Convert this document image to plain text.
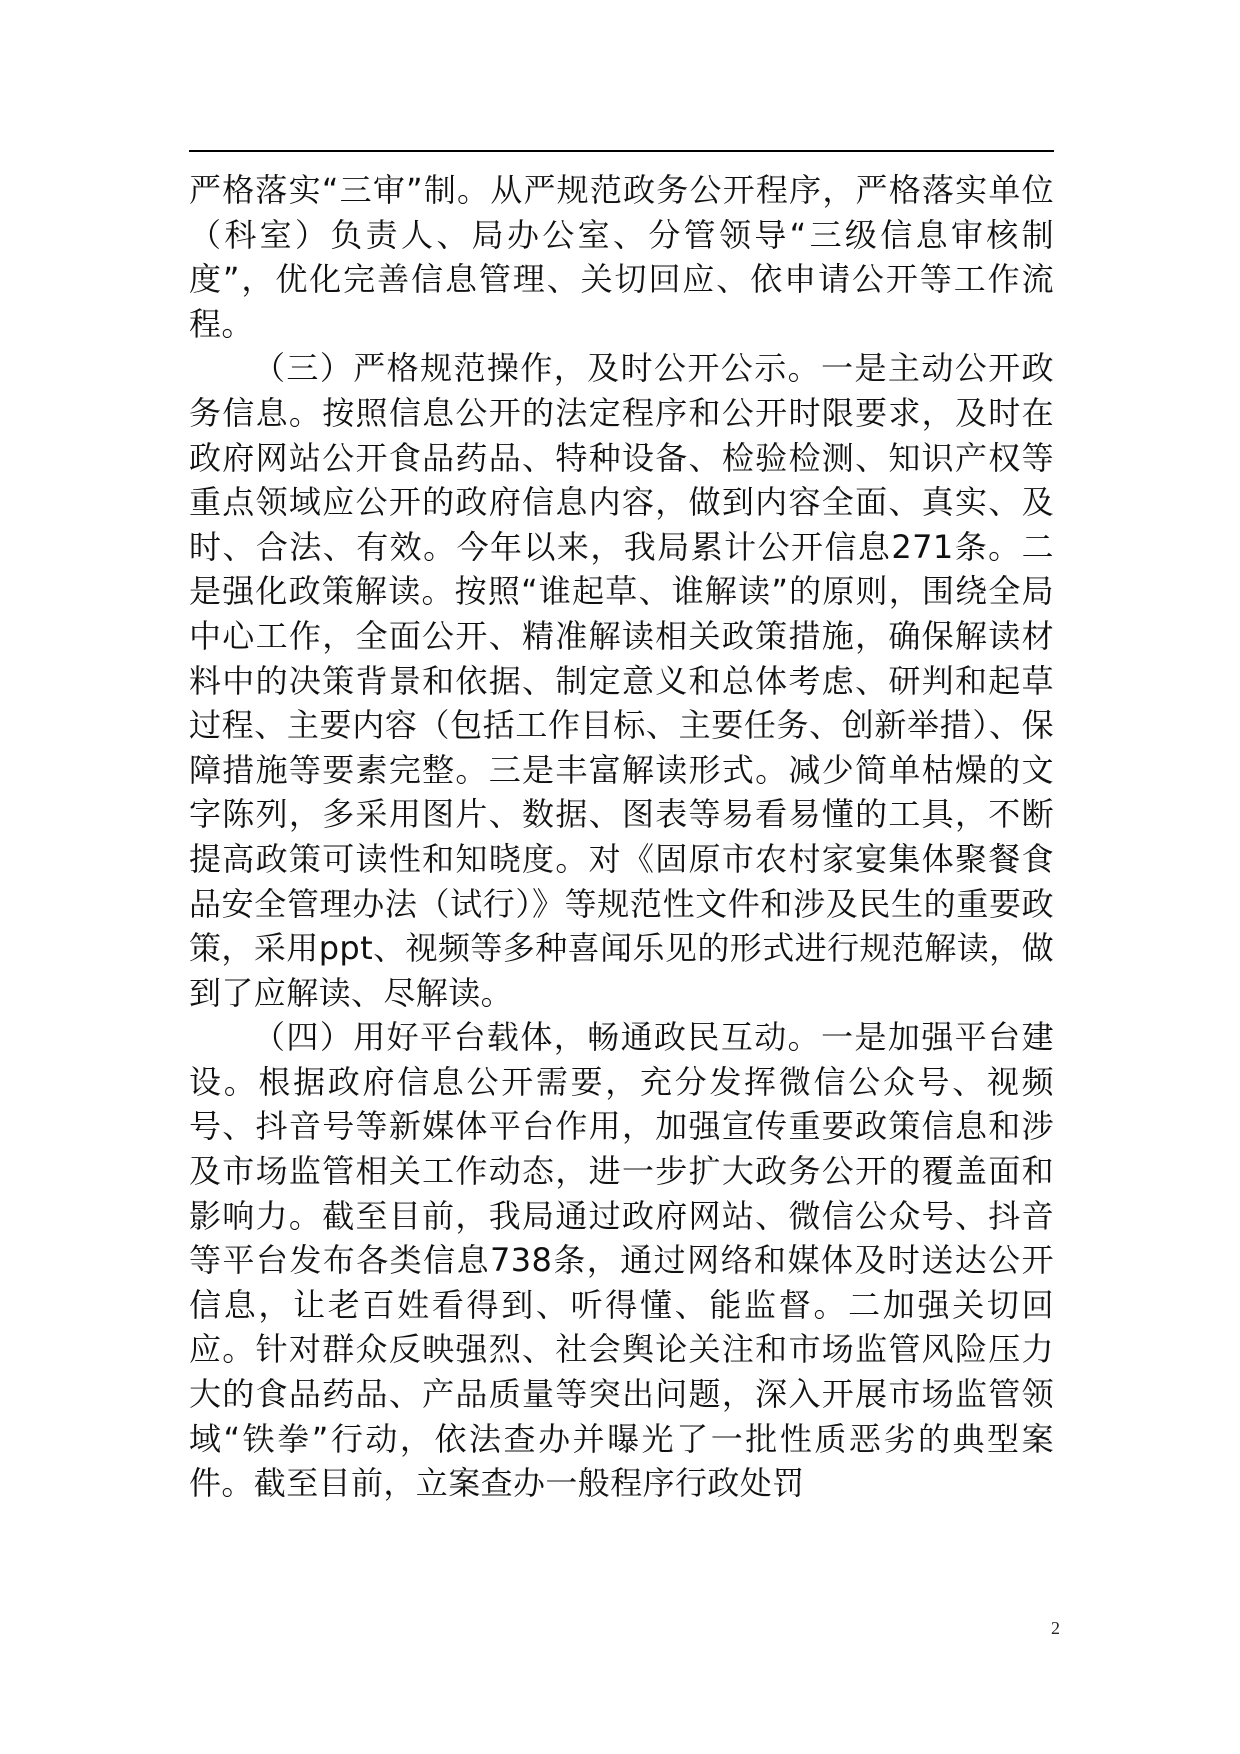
严格落实“三审”制。从严规范政务公开程序，严格落实单位（科室）负责人、局办公室、分管领导“三级信息审核制度”，优化完善信息管理、关切回应、依申请公开等工作流程。

（三）严格规范操作，及时公开公示。一是主动公开政务信息。按照信息公开的法定程序和公开时限要求，及时在政府网站公开食品药品、特种设备、检验检测、知识产权等重点领域应公开的政府信息内容，做到内容全面、真实、及时、合法、有效。今年以来，我局累计公开信息271条。二是强化政策解读。按照“谁起草、谁解读”的原则，围绕全局中心工作，全面公开、精准解读相关政策措施，确保解读材料中的决策背景和依据、制定意义和总体考虑、研判和起草过程、主要内容（包括工作目标、主要任务、创新举措）、保障措施等要素完整。三是丰富解读形式。减少简单枯燥的文字陈列，多采用图片、数据、图表等易看易懂的工具，不断提高政策可读性和知晓度。对《固原市农村家宴集体聚餐食品安全管理办法（试行）》等规范性文件和涉及民生的重要政策，采用ppt、视频等多种喜闻乐见的形式进行规范解读，做到了应解读、尽解读。

（四）用好平台载体，畅通政民互动。一是加强平台建设。根据政府信息公开需要，充分发挥微信公众号、视频号、抖音号等新媒体平台作用，加强宣传重要政策信息和涉及市场监管相关工作动态，进一步扩大政务公开的覆盖面和影响力。截至目前，我局通过政府网站、微信公众号、抖音等平台发布各类信息738条，通过网络和媒体及时送达公开信息，让老百姓看得到、听得懂、能监督。二加强关切回应。针对群众反映强烈、社会舆论关注和市场监管风险压力大的食品药品、产品质量等突出问题，深入开展市场监管领域“铁拳”行动，依法查办并曝光了一批性质恶劣的典型案件。截至目前，立案查办一般程序行政处罚

2
